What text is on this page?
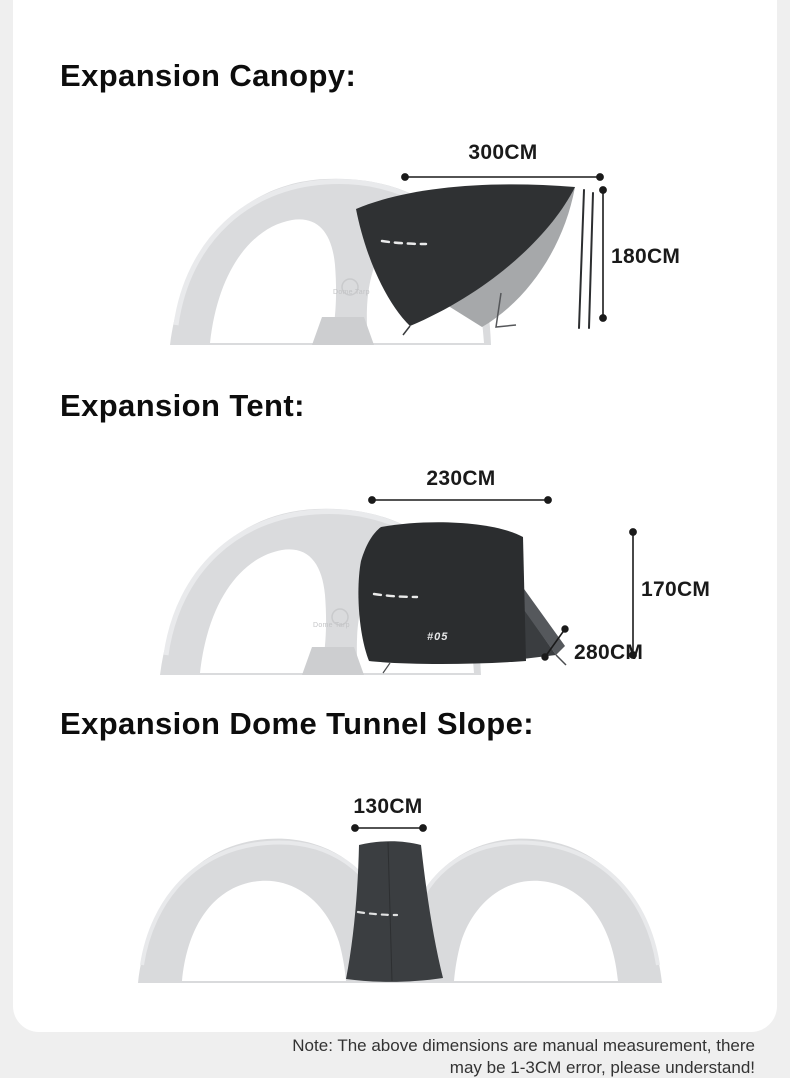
Expansion Canopy:
300CM
180CM
Dome Tarp
Expansion Tent:
230CM
170CM
280CM
#05
Dome Tarp
Expansion Dome Tunnel Slope:
130CM
Note: The above dimensions are manual measurement, there
may be 1-3CM error, please understand!
